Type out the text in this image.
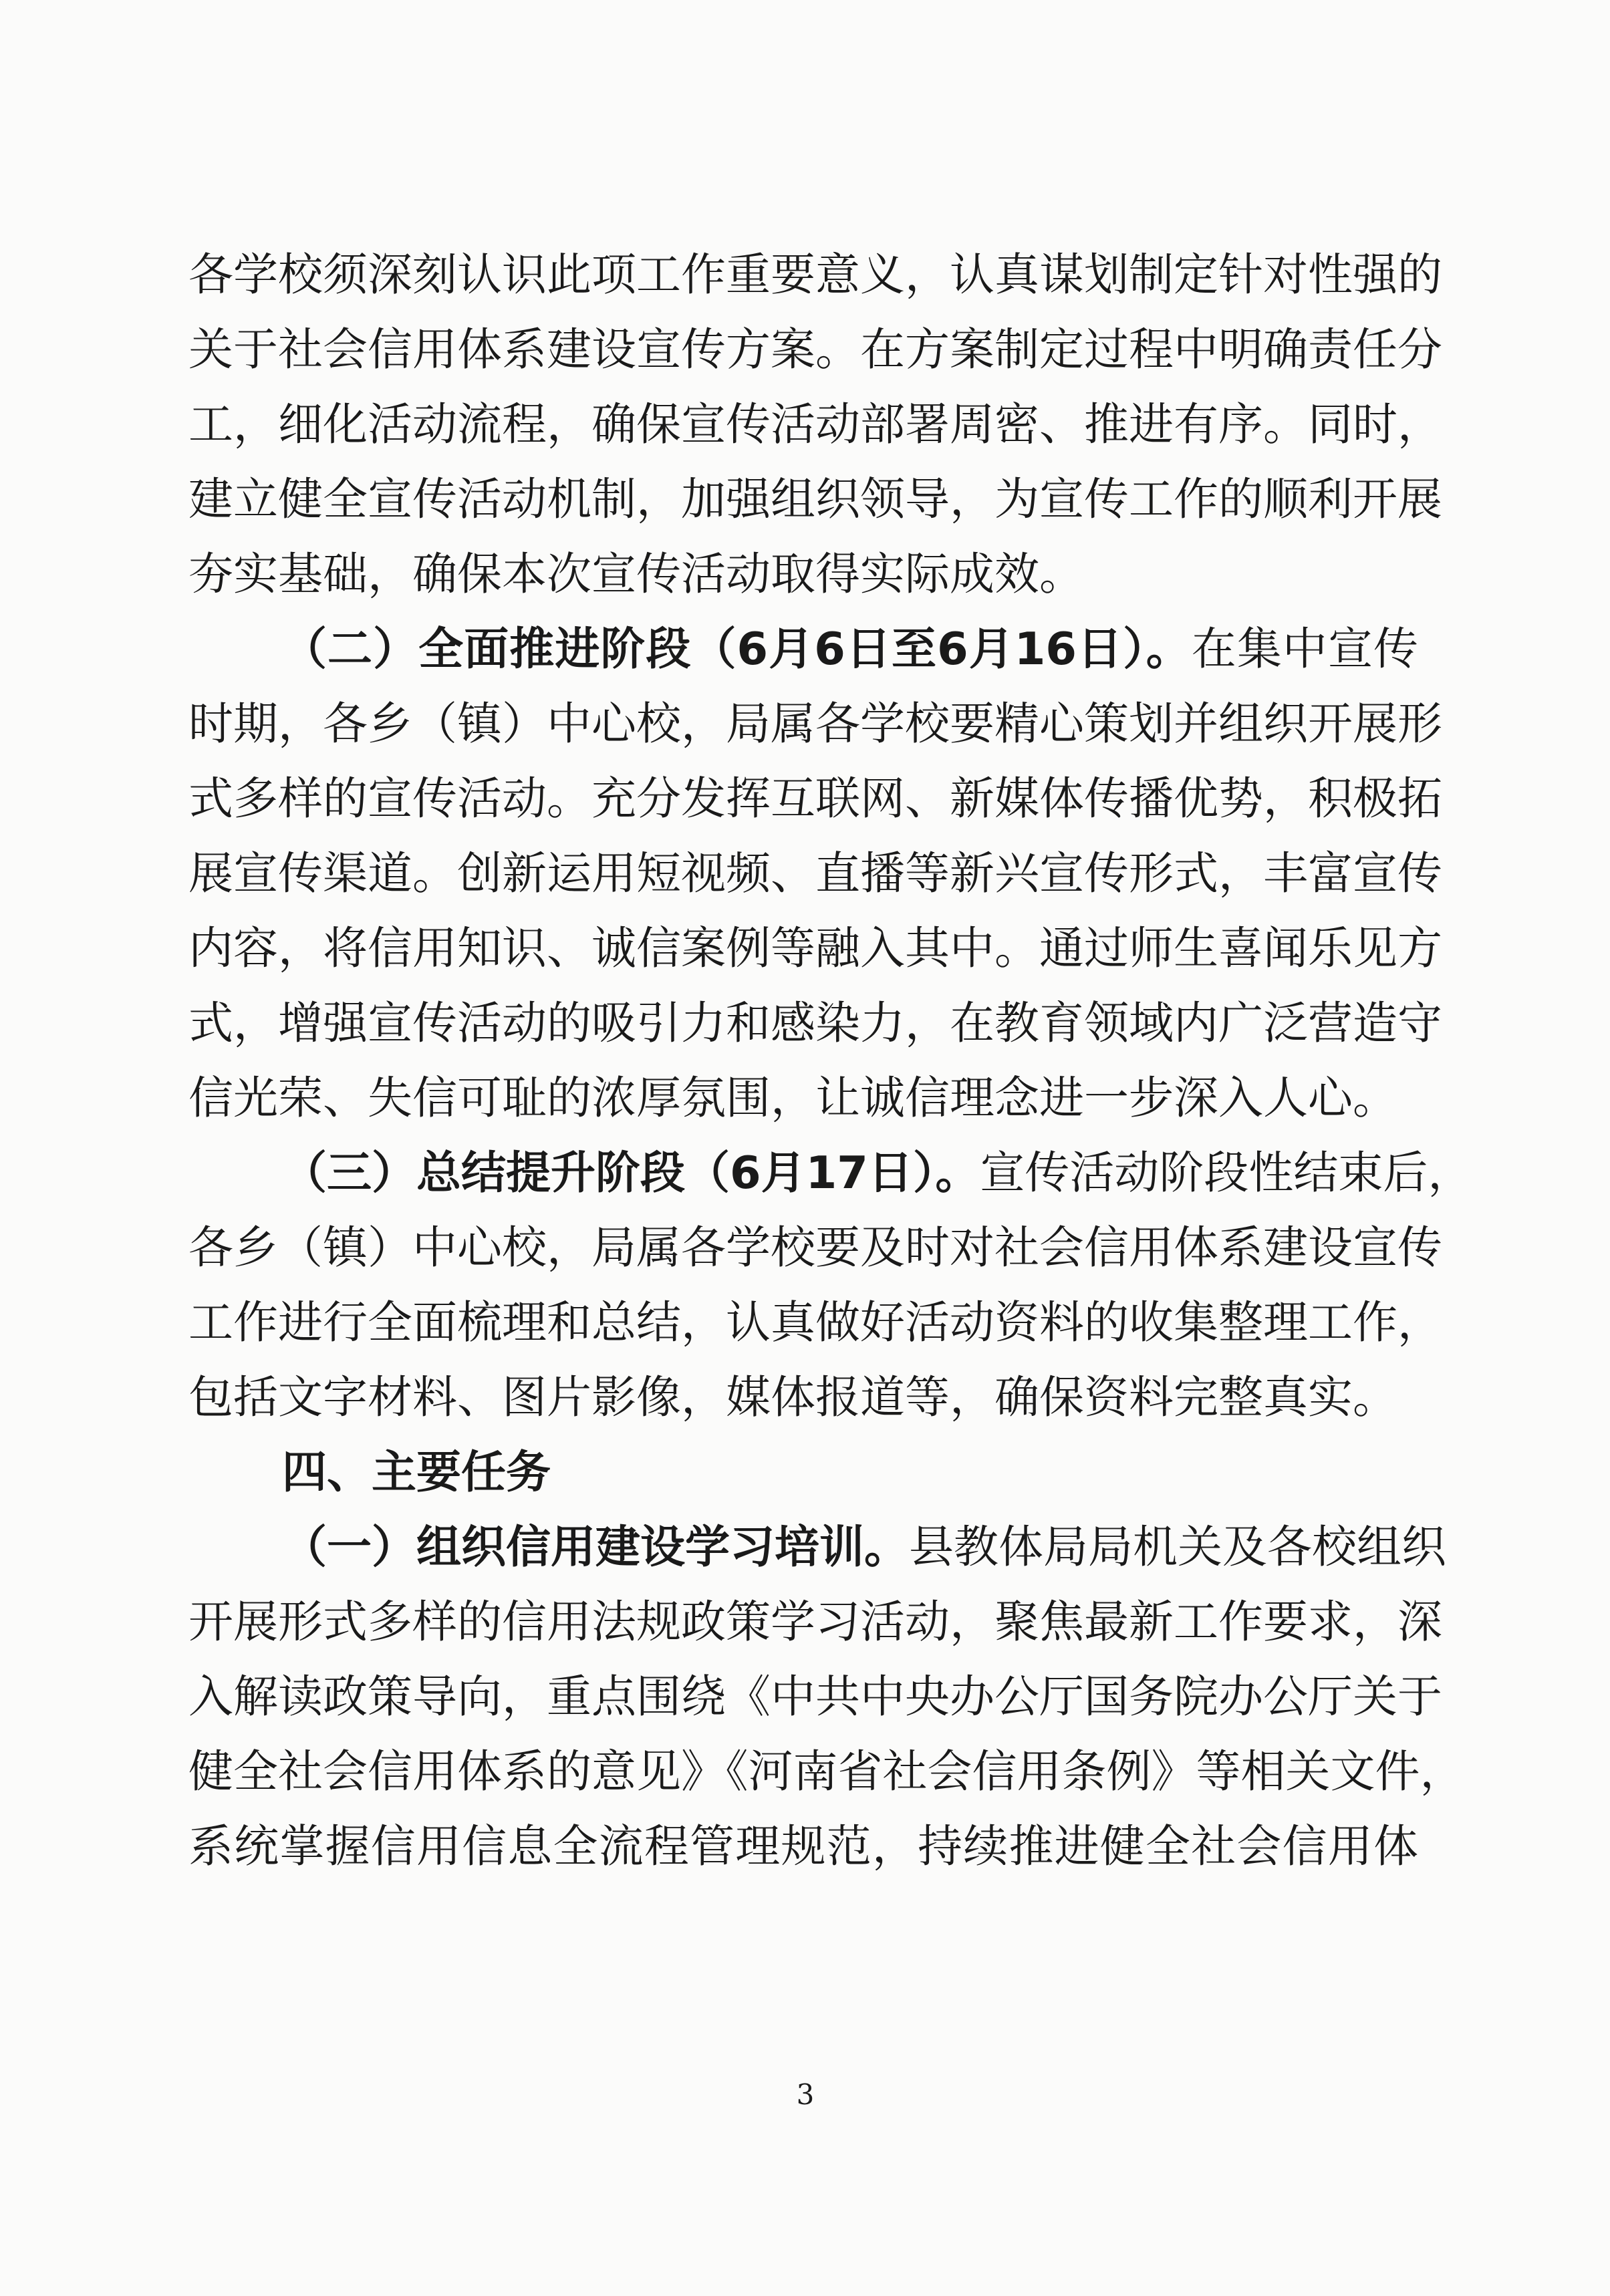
各学校须深刻认识此项工作重要意义，认真谋划制定针对性强的
关于社会信用体系建设宣传方案。在方案制定过程中明确责任分
工，细化活动流程，确保宣传活动部署周密、推进有序。同时，
建立健全宣传活动机制，加强组织领导，为宣传工作的顺利开展
夯实基础，确保本次宣传活动取得实际成效。
（二）全面推进阶段（6月6日至6月16日）。在集中宣传
时期，各乡（镇）中心校，局属各学校要精心策划并组织开展形
式多样的宣传活动。充分发挥互联网、新媒体传播优势，积极拓
展宣传渠道。创新运用短视频、直播等新兴宣传形式，丰富宣传
内容，将信用知识、诚信案例等融入其中。通过师生喜闻乐见方
式，增强宣传活动的吸引力和感染力，在教育领域内广泛营造守
信光荣、失信可耻的浓厚氛围，让诚信理念进一步深入人心。
（三）总结提升阶段（6月17日）。宣传活动阶段性结束后，
各乡（镇）中心校，局属各学校要及时对社会信用体系建设宣传
工作进行全面梳理和总结，认真做好活动资料的收集整理工作，
包括文字材料、图片影像，媒体报道等，确保资料完整真实。
四、主要任务
（一）组织信用建设学习培训。县教体局局机关及各校组织
开展形式多样的信用法规政策学习活动，聚焦最新工作要求，深
入解读政策导向，重点围绕《中共中央办公厅国务院办公厅关于
健全社会信用体系的意见》《河南省社会信用条例》等相关文件，
系统掌握信用信息全流程管理规范，持续推进健全社会信用体
3
